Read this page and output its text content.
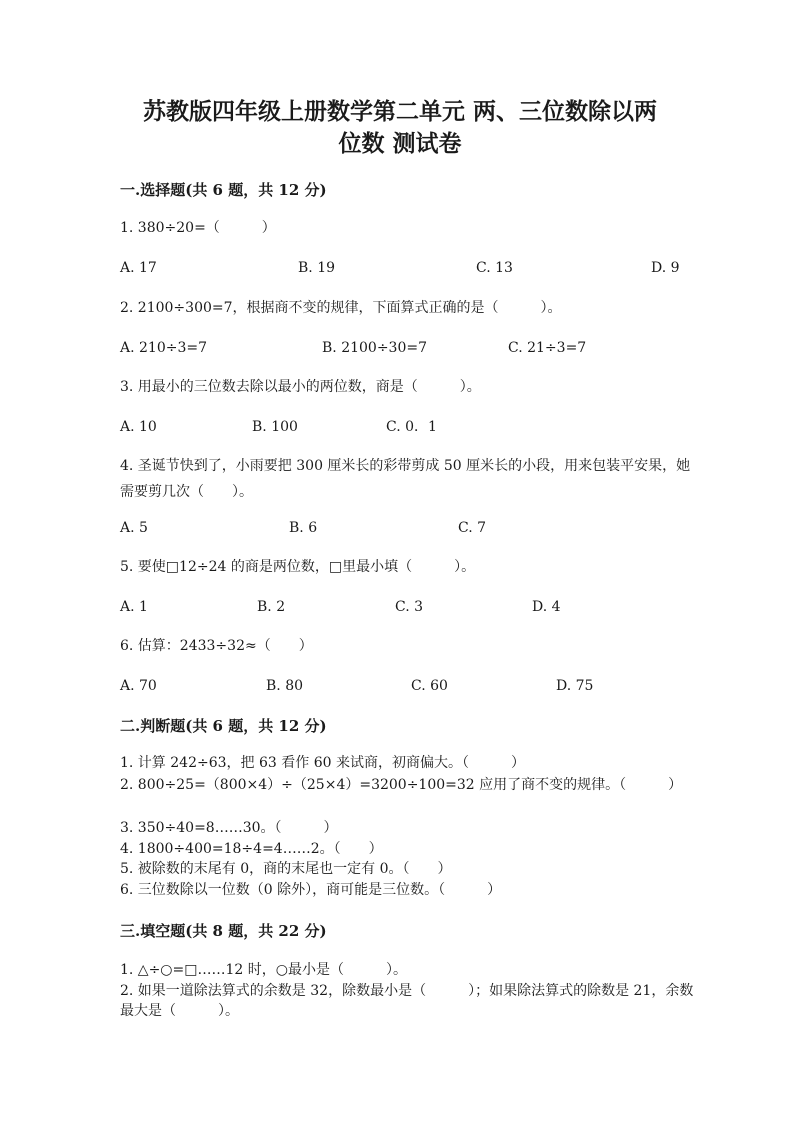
苏教版四年级上册数学第二单元 两、三位数除以两
位数 测试卷

一.选择题(共 6 题，共 12 分)

1. 380÷20=（　　　）

A. 17	B. 19	C. 13	D. 9

2. 2100÷300=7，根据商不变的规律，下面算式正确的是（　　　）。

A. 210÷3=7	B. 2100÷30=7	C. 21÷3=7

3. 用最小的三位数去除以最小的两位数，商是（　　　）。

A. 10	B. 100	C. 0．1

4. 圣诞节快到了，小雨要把 300 厘米长的彩带剪成 50 厘米长的小段，用来包装平安果，她需要剪几次（　　）。

A. 5	B. 6	C. 7

5. 要使□12÷24 的商是两位数，□里最小填（　　　）。

A. 1	B. 2	C. 3	D. 4

6. 估算：2433÷32≈（　　）

A. 70	B. 80	C. 60	D. 75

二.判断题(共 6 题，共 12 分)

1. 计算 242÷63，把 63 看作 60 来试商，初商偏大。（　　　）

2. 800÷25=（800×4）÷（25×4）=3200÷100=32 应用了商不变的规律。（　　　）

3. 350÷40=8……30。（　　　）

4. 1800÷400=18÷4=4……2。（　　）

5. 被除数的末尾有 0，商的末尾也一定有 0。（　　）

6. 三位数除以一位数（0 除外），商可能是三位数。（　　　）

三.填空题(共 8 题，共 22 分)

1. △÷○=□……12 时，○最小是（　　　）。

2. 如果一道除法算式的余数是 32，除数最小是（　　　）；如果除法算式的除数是 21，余数最大是（　　　）。
